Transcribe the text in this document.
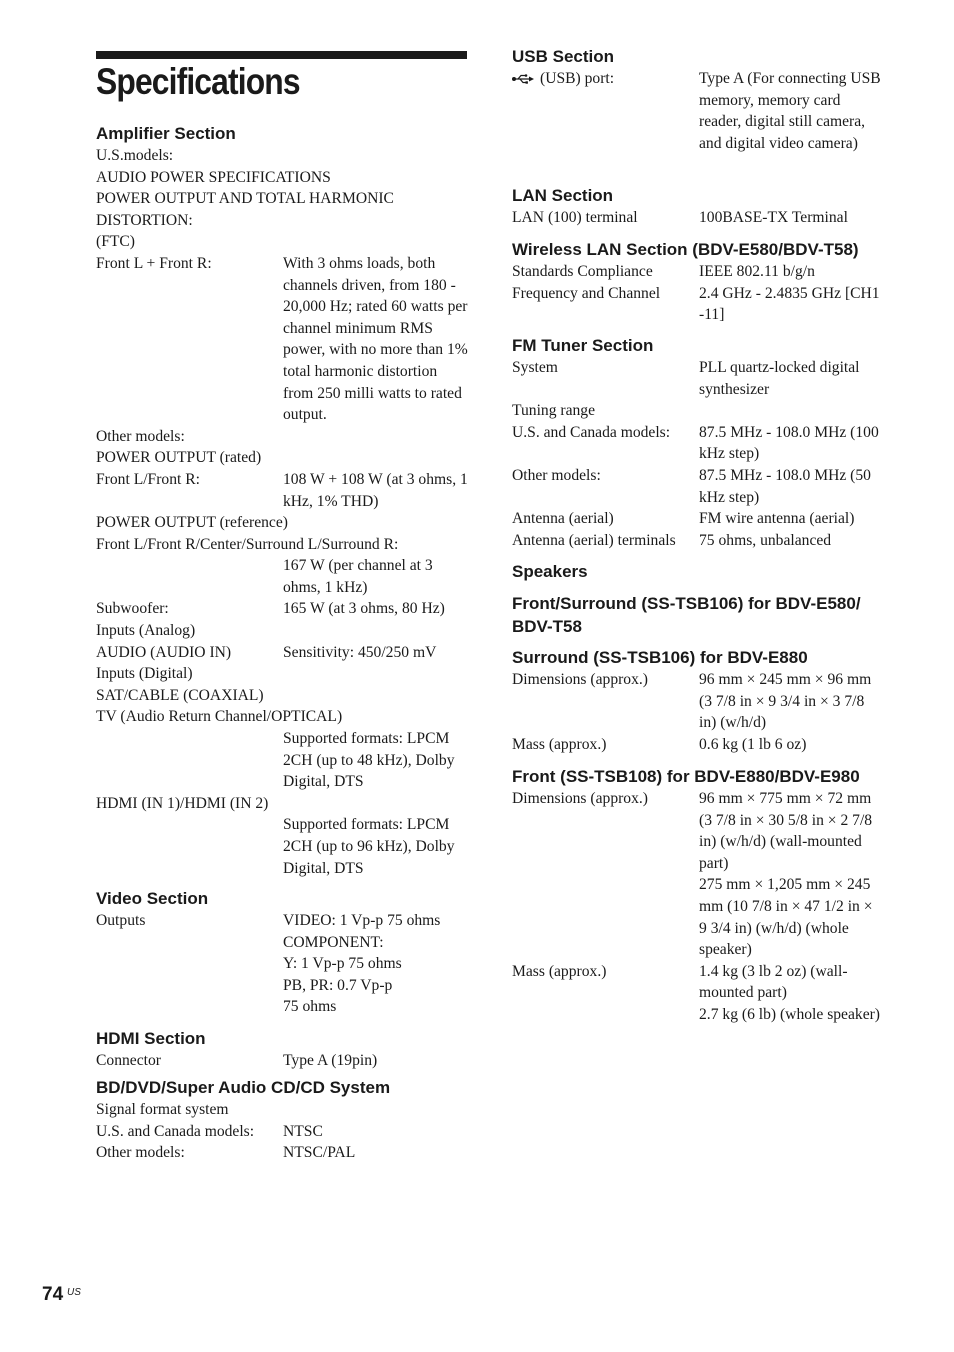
Specifications
Amplifier Section
U.S.models:
AUDIO POWER SPECIFICATIONS
POWER OUTPUT AND TOTAL HARMONIC
DISTORTION:
(FTC)
Front L + Front R:	With 3 ohms loads, both channels driven, from 180 - 20,000 Hz; rated 60 watts per channel minimum RMS power, with no more than 1% total harmonic distortion from 250 milli watts to rated output.
Other models:
POWER OUTPUT (rated)
Front L/Front R:	108 W + 108 W (at 3 ohms, 1 kHz, 1% THD)
POWER OUTPUT (reference)
Front L/Front R/Center/Surround L/Surround R:
167 W (per channel at 3 ohms, 1 kHz)
Subwoofer:	165 W (at 3 ohms, 80 Hz)
Inputs (Analog)
AUDIO (AUDIO IN)	Sensitivity: 450/250 mV
Inputs (Digital)
SAT/CABLE (COAXIAL)
TV (Audio Return Channel/OPTICAL)
Supported formats: LPCM 2CH (up to 48 kHz), Dolby Digital, DTS
HDMI (IN 1)/HDMI (IN 2)
Supported formats: LPCM 2CH (up to 96 kHz), Dolby Digital, DTS
Video Section
Outputs	VIDEO: 1 Vp-p 75 ohms
COMPONENT:
Y: 1 Vp-p 75 ohms
PB, PR: 0.7 Vp-p
75 ohms
HDMI Section
Connector	Type A (19pin)
BD/DVD/Super Audio CD/CD System
Signal format system
U.S. and Canada models:	NTSC
Other models:	NTSC/PAL
USB Section
(USB) port:	Type A (For connecting USB memory, memory card reader, digital still camera, and digital video camera)
LAN Section
LAN (100) terminal	100BASE-TX Terminal
Wireless LAN Section (BDV-E580/BDV-T58)
Standards Compliance	IEEE 802.11 b/g/n
Frequency and Channel	2.4 GHz - 2.4835 GHz [CH1 -11]
FM Tuner Section
System	PLL quartz-locked digital synthesizer
Tuning range
U.S. and Canada models:	87.5 MHz - 108.0 MHz (100 kHz step)
Other models:	87.5 MHz - 108.0 MHz (50 kHz step)
Antenna (aerial)	FM wire antenna (aerial)
Antenna (aerial) terminals	75 ohms, unbalanced
Speakers
Front/Surround (SS-TSB106) for BDV-E580/ BDV-T58
Surround (SS-TSB106) for BDV-E880
Dimensions (approx.)	96 mm × 245 mm × 96 mm (3 7/8 in × 9 3/4 in × 3 7/8 in) (w/h/d)
Mass (approx.)	0.6 kg (1 lb 6 oz)
Front (SS-TSB108) for BDV-E880/BDV-E980
Dimensions (approx.)	96 mm × 775 mm × 72 mm (3 7/8 in × 30 5/8 in × 2 7/8 in) (w/h/d) (wall-mounted part)
275 mm × 1,205 mm × 245 mm (10 7/8 in × 47 1/2 in × 9 3/4 in) (w/h/d) (whole speaker)
Mass (approx.)	1.4 kg (3 lb 2 oz) (wall-mounted part)
2.7 kg (6 lb) (whole speaker)
74 US
